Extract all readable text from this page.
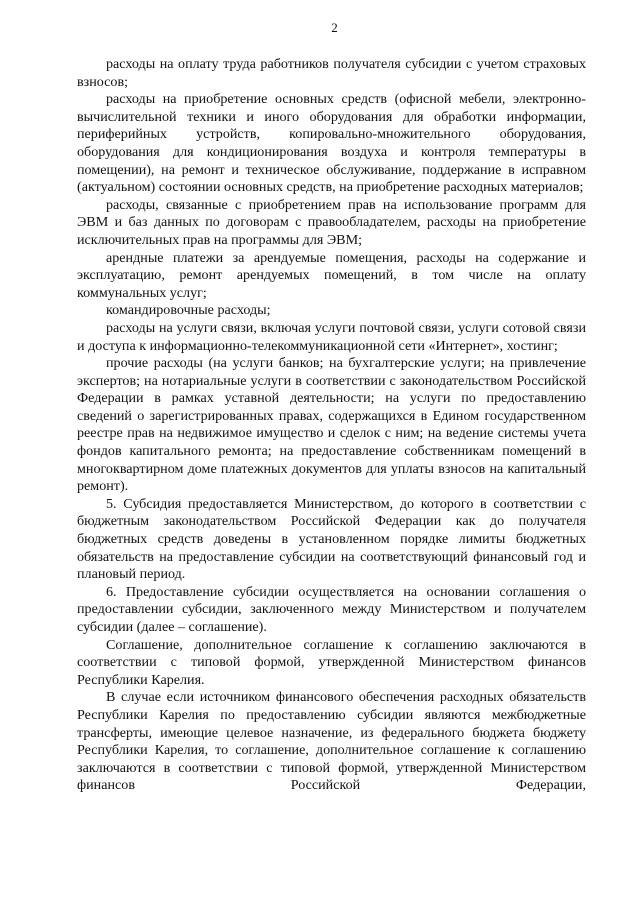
2

расходы на оплату труда работников получателя субсидии с учетом страховых взносов;

расходы на приобретение основных средств (офисной мебели, электронно-вычислительной техники и иного оборудования для обработки информации, периферийных устройств, копировально-множительного оборудования, оборудования для кондиционирования воздуха и контроля температуры в помещении), на ремонт и техническое обслуживание, поддержание в исправном (актуальном) состоянии основных средств, на приобретение расходных материалов;

расходы, связанные с приобретением прав на использование программ для ЭВМ и баз данных по договорам с правообладателем, расходы на приобретение исключительных прав на программы для ЭВМ;

арендные платежи за арендуемые помещения, расходы на содержание и эксплуатацию, ремонт арендуемых помещений, в том числе на оплату коммунальных услуг;

командировочные расходы;

расходы на услуги связи, включая услуги почтовой связи, услуги сотовой связи и доступа к информационно-телекоммуникационной сети «Интернет», хостинг;

прочие расходы (на услуги банков; на бухгалтерские услуги; на привлечение экспертов; на нотариальные услуги в соответствии с законодательством Российской Федерации в рамках уставной деятельности; на услуги по предоставлению сведений о зарегистрированных правах, содержащихся в Едином государственном реестре прав на недвижимое имущество и сделок с ним; на ведение системы учета фондов капитального ремонта; на предоставление собственникам помещений в многоквартирном доме платежных документов для уплаты взносов на капитальный ремонт).

5. Субсидия предоставляется Министерством, до которого в соответствии с бюджетным законодательством Российской Федерации как до получателя бюджетных средств доведены в установленном порядке лимиты бюджетных обязательств на предоставление субсидии на соответствующий финансовый год и плановый период.

6. Предоставление субсидии осуществляется на основании соглашения о предоставлении субсидии, заключенного между Министерством и получателем субсидии (далее – соглашение).

Соглашение, дополнительное соглашение к соглашению заключаются в соответствии с типовой формой, утвержденной Министерством финансов Республики Карелия.

В случае если источником финансового обеспечения расходных обязательств Республики Карелия по предоставлению субсидии являются межбюджетные трансферты, имеющие целевое назначение, из федерального бюджета бюджету Республики Карелия, то соглашение, дополнительное соглашение к соглашению заключаются в соответствии с типовой формой, утвержденной Министерством финансов Российской Федерации,
